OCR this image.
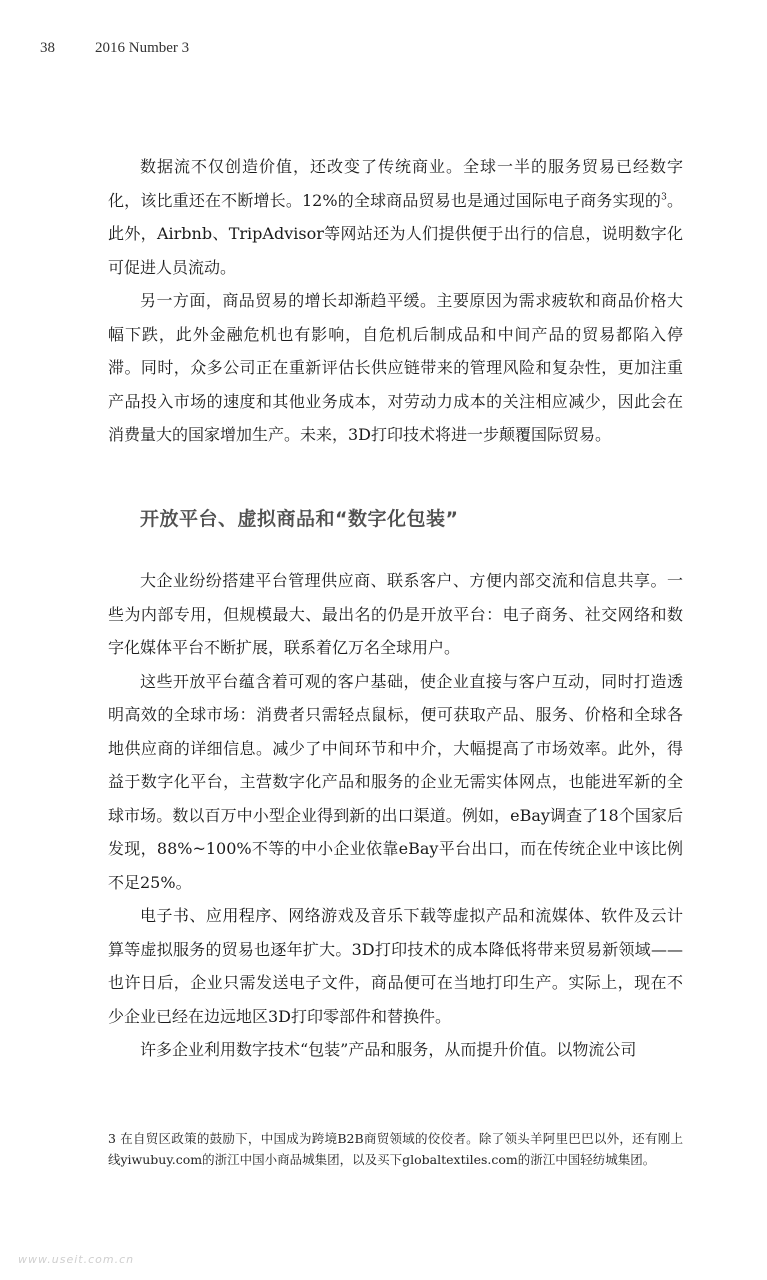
38	2016 Number 3

数据流不仅创造价值，还改变了传统商业。全球一半的服务贸易已经数字化，该比重还在不断增长。12%的全球商品贸易也是通过国际电子商务实现的$^3$。此外，Airbnb、TripAdvisor等网站还为人们提供便于出行的信息，说明数字化可促进人员流动。

另一方面，商品贸易的增长却渐趋平缓。主要原因为需求疲软和商品价格大幅下跌，此外金融危机也有影响，自危机后制成品和中间产品的贸易都陷入停滞。同时，众多公司正在重新评估长供应链带来的管理风险和复杂性，更加注重产品投入市场的速度和其他业务成本，对劳动力成本的关注相应减少，因此会在消费量大的国家增加生产。未来，3D打印技术将进一步颠覆国际贸易。

开放平台、虚拟商品和“数字化包装”

大企业纷纷搭建平台管理供应商、联系客户、方便内部交流和信息共享。一些为内部专用，但规模最大、最出名的仍是开放平台：电子商务、社交网络和数字化媒体平台不断扩展，联系着亿万名全球用户。

这些开放平台蕴含着可观的客户基础，使企业直接与客户互动，同时打造透明高效的全球市场：消费者只需轻点鼠标，便可获取产品、服务、价格和全球各地供应商的详细信息。减少了中间环节和中介，大幅提高了市场效率。此外，得益于数字化平台，主营数字化产品和服务的企业无需实体网点，也能进军新的全球市场。数以百万中小型企业得到新的出口渠道。例如，eBay调查了18个国家后发现，88%~100%不等的中小企业依靠eBay平台出口，而在传统企业中该比例不足25%。

电子书、应用程序、网络游戏及音乐下载等虚拟产品和流媒体、软件及云计算等虚拟服务的贸易也逐年扩大。3D打印技术的成本降低将带来贸易新领域——也许日后，企业只需发送电子文件，商品便可在当地打印生产。实际上，现在不少企业已经在边远地区3D打印零部件和替换件。

许多企业利用数字技术“包装”产品和服务，从而提升价值。以物流公司

3 在自贸区政策的鼓励下，中国成为跨境B2B商贸领域的佼佼者。除了领头羊阿里巴巴以外，还有刚上线yiwubuy.com的浙江中国小商品城集团，以及买下globaltextiles.com的浙江中国轻纺城集团。
www.useit.com.cn
